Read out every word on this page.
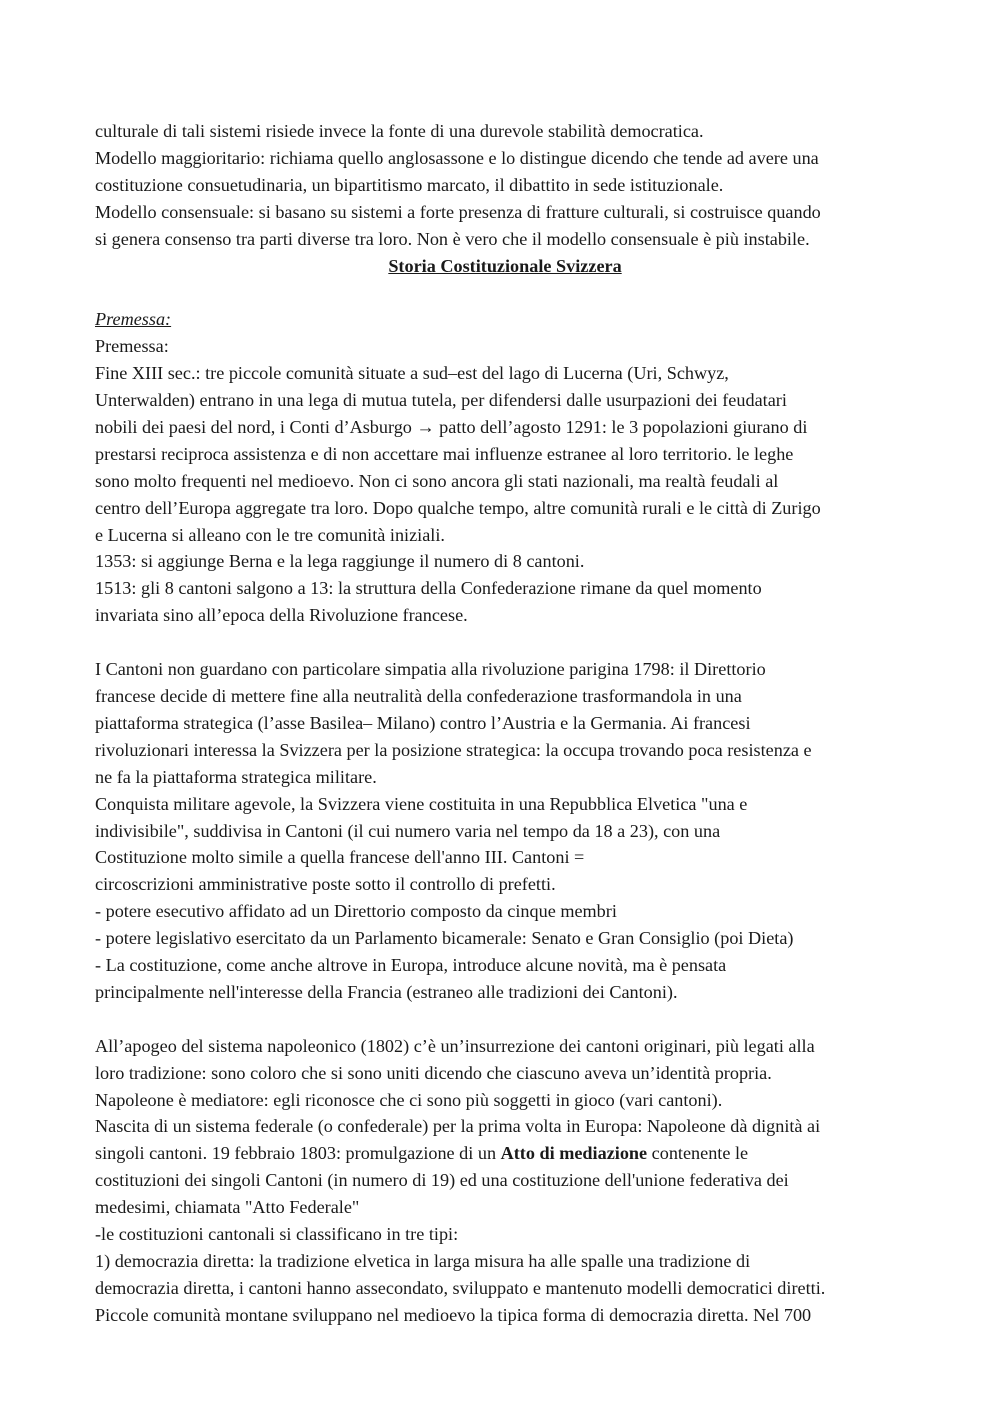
culturale di tali sistemi risiede invece la fonte di una durevole stabilità democratica.
Modello maggioritario: richiama quello anglosassone e lo distingue dicendo che tende ad avere una
costituzione consuetudinaria, un bipartitismo marcato, il dibattito in sede istituzionale.
Modello consensuale: si basano su sistemi a forte presenza di fratture culturali, si costruisce quando
si genera consenso tra parti diverse tra loro. Non è vero che il modello consensuale è più instabile.
Storia Costituzionale Svizzera
Premessa:
Premessa:
Fine XIII sec.: tre piccole comunità situate a sud–est del lago di Lucerna (Uri, Schwyz,
Unterwalden) entrano in una lega di mutua tutela, per difendersi dalle usurpazioni dei feudatari
nobili dei paesi del nord, i Conti d’Asburgo → patto dell’agosto 1291: le 3 popolazioni giurano di
prestarsi reciproca assistenza e di non accettare mai influenze estranee al loro territorio. le leghe
sono molto frequenti nel medioevo. Non ci sono ancora gli stati nazionali, ma realtà feudali al
centro dell’Europa aggregate tra loro. Dopo qualche tempo, altre comunità rurali e le città di Zurigo
e Lucerna si alleano con le tre comunità iniziali.
1353: si aggiunge Berna e la lega raggiunge il numero di 8 cantoni.
1513: gli 8 cantoni salgono a 13: la struttura della Confederazione rimane da quel momento
invariata sino all’epoca della Rivoluzione francese.
I Cantoni non guardano con particolare simpatia alla rivoluzione parigina 1798: il Direttorio
francese decide di mettere fine alla neutralità della confederazione trasformandola in una
piattaforma strategica (l’asse Basilea– Milano) contro l’Austria e la Germania. Ai francesi
rivoluzionari interessa la Svizzera per la posizione strategica: la occupa trovando poca resistenza e
ne fa la piattaforma strategica militare.
Conquista militare agevole, la Svizzera viene costituita in una Repubblica Elvetica "una e
indivisibile", suddivisa in Cantoni (il cui numero varia nel tempo da 18 a 23), con una
Costituzione molto simile a quella francese dell'anno III. Cantoni =
circoscrizioni amministrative poste sotto il controllo di prefetti.
- potere esecutivo affidato ad un Direttorio composto da cinque membri
- potere legislativo esercitato da un Parlamento bicamerale: Senato e Gran Consiglio (poi Dieta)
- La costituzione, come anche altrove in Europa, introduce alcune novità, ma è pensata
principalmente nell'interesse della Francia (estraneo alle tradizioni dei Cantoni).
All’apogeo del sistema napoleonico (1802) c’è un’insurrezione dei cantoni originari, più legati alla
loro tradizione: sono coloro che si sono uniti dicendo che ciascuno aveva un’identità propria.
Napoleone è mediatore: egli riconosce che ci sono più soggetti in gioco (vari cantoni).
Nascita di un sistema federale (o confederale) per la prima volta in Europa: Napoleone dà dignità ai
singoli cantoni. 19 febbraio 1803: promulgazione di un Atto di mediazione contenente le
costituzioni dei singoli Cantoni (in numero di 19) ed una costituzione dell'unione federativa dei
medesimi, chiamata "Atto Federale"
-le costituzioni cantonali si classificano in tre tipi:
1) democrazia diretta: la tradizione elvetica in larga misura ha alle spalle una tradizione di
democrazia diretta, i cantoni hanno assecondato, sviluppato e mantenuto modelli democratici diretti.
Piccole comunità montane sviluppano nel medioevo la tipica forma di democrazia diretta. Nel 700
